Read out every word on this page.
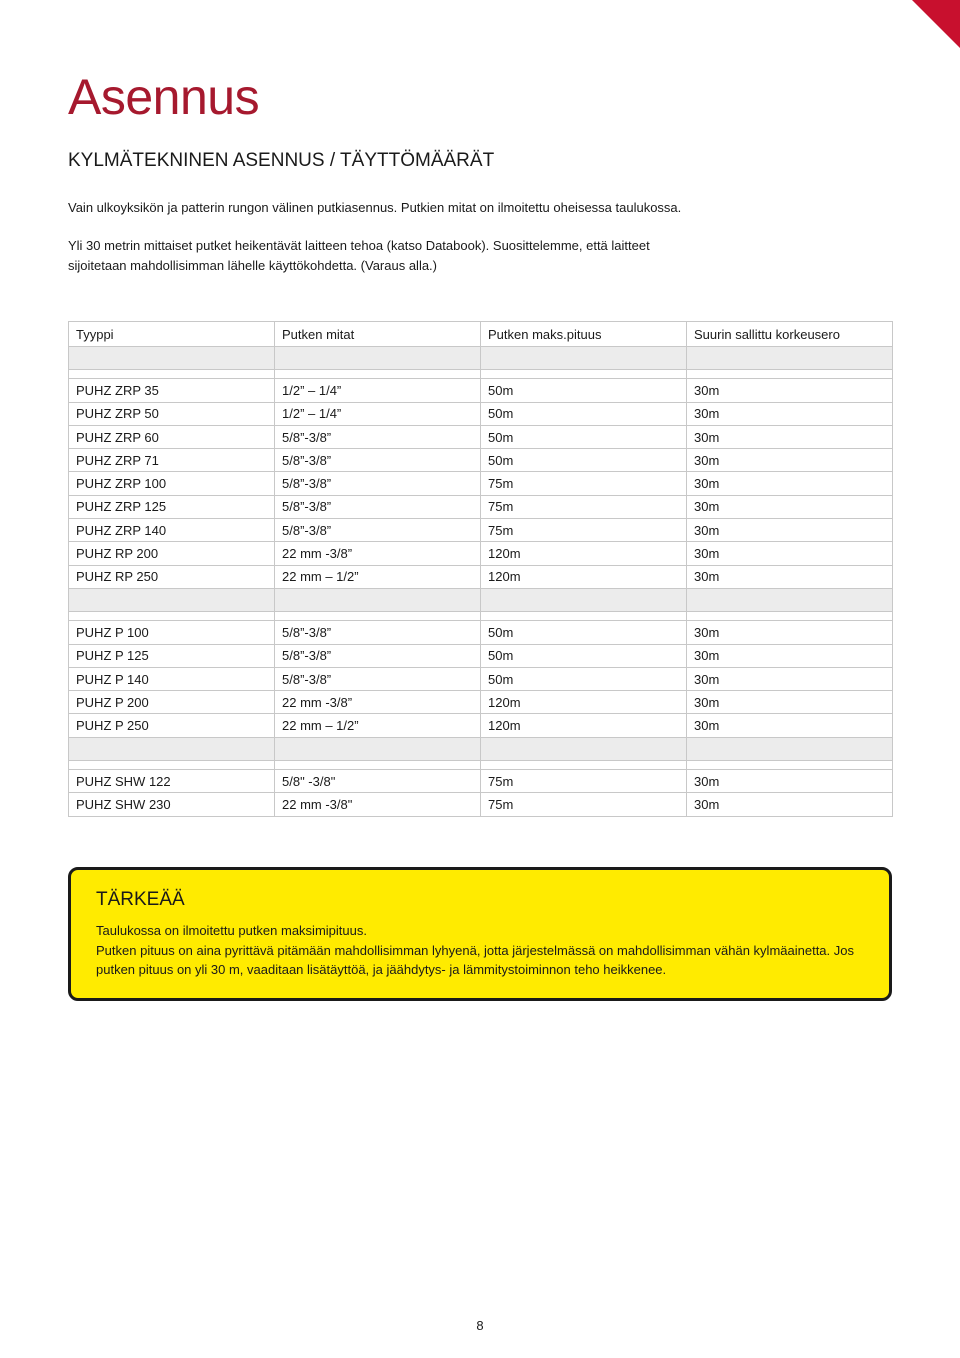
Asennus
KYLMÄTEKNINEN ASENNUS / TÄYTTÖMÄÄRÄT

Vain ulkoyksikön ja patterin rungon välinen putkiasennus. Putkien mitat on ilmoitettu oheisessa taulukossa.

Yli 30 metrin mittaiset putket heikentävät laitteen tehoa (katso Databook). Suosittelemme, että laitteet

sijoitetaan mahdollisimman lähelle käyttökohdetta. (Varaus alla.)

Tyyppi	Putken mitat	Putken maks.pituus	Suurin sallittu korkeusero

PUHZ ZRP 35	1/2” – 1/4”	50m	30m
PUHZ ZRP 50	1/2” – 1/4”	50m	30m
PUHZ ZRP 60	5/8”-3/8”	50m	30m
PUHZ ZRP 71	5/8”-3/8”	50m	30m
PUHZ ZRP 100	5/8”-3/8”	75m	30m
PUHZ ZRP 125	5/8”-3/8”	75m	30m
PUHZ ZRP 140	5/8”-3/8”	75m	30m
PUHZ RP 200	22 mm -3/8”	120m	30m
PUHZ RP 250	22 mm – 1/2”	120m	30m

PUHZ P 100	5/8”-3/8”	50m	30m
PUHZ P 125	5/8”-3/8”	50m	30m
PUHZ P 140	5/8”-3/8”	50m	30m
PUHZ P 200	22 mm -3/8”	120m	30m
PUHZ P 250	22 mm – 1/2”	120m	30m

PUHZ SHW 122	5/8" -3/8"	75m	30m
PUHZ SHW 230	22 mm -3/8"	75m	30m
TÄRKEÄÄ
Taulukossa on ilmoitettu putken maksimipituus.
Putken pituus on aina pyrittävä pitämään mahdollisimman lyhyenä, jotta järjestelmässä on mahdollisimman vähän kylmäainetta. Jos putken pituus on yli 30 m, vaaditaan lisätäyttöä, ja jäähdytys- ja lämmitystoiminnon teho heikkenee.
8
